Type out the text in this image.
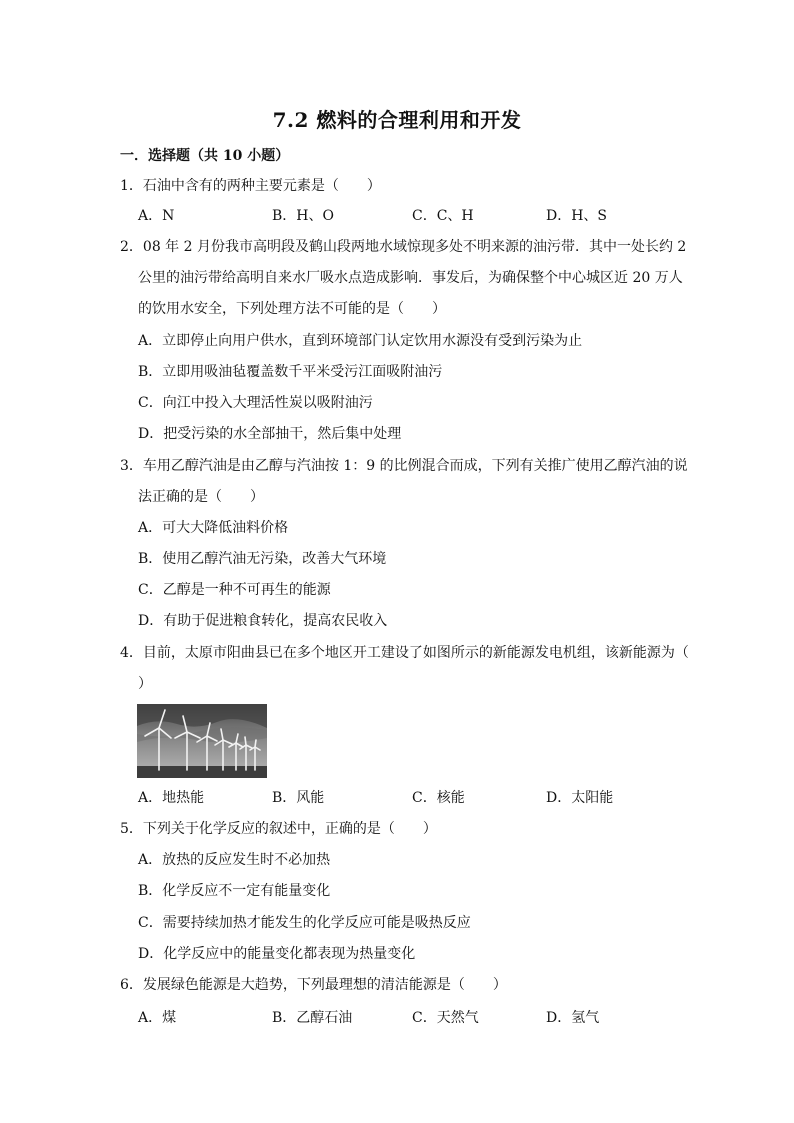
7.2 燃料的合理利用和开发
一．选择题（共 10 小题）
1．石油中含有的两种主要元素是（　　）
A．N	B．H、O	C．C、H	D．H、S
2．08 年 2 月份我市高明段及鹤山段两地水域惊现多处不明来源的油污带．其中一处长约 2
公里的油污带给高明自来水厂吸水点造成影响．事发后，为确保整个中心城区近 20 万人
的饮用水安全，下列处理方法不可能的是（　　）
A．立即停止向用户供水，直到环境部门认定饮用水源没有受到污染为止
B．立即用吸油毡覆盖数千平米受污江面吸附油污
C．向江中投入大理活性炭以吸附油污
D．把受污染的水全部抽干，然后集中处理
3．车用乙醇汽油是由乙醇与汽油按 1：9 的比例混合而成，下列有关推广使用乙醇汽油的说
法正确的是（　　）
A．可大大降低油料价格
B．使用乙醇汽油无污染，改善大气环境
C．乙醇是一种不可再生的能源
D．有助于促进粮食转化，提高农民收入
4．目前，太原市阳曲县已在多个地区开工建设了如图所示的新能源发电机组，该新能源为（
）
A．地热能	B．风能	C．核能	D．太阳能
5．下列关于化学反应的叙述中，正确的是（　　）
A．放热的反应发生时不必加热
B．化学反应不一定有能量变化
C．需要持续加热才能发生的化学反应可能是吸热反应
D．化学反应中的能量变化都表现为热量变化
6．发展绿色能源是大趋势，下列最理想的清洁能源是（　　）
A．煤	B．乙醇石油	C．天然气	D．氢气
